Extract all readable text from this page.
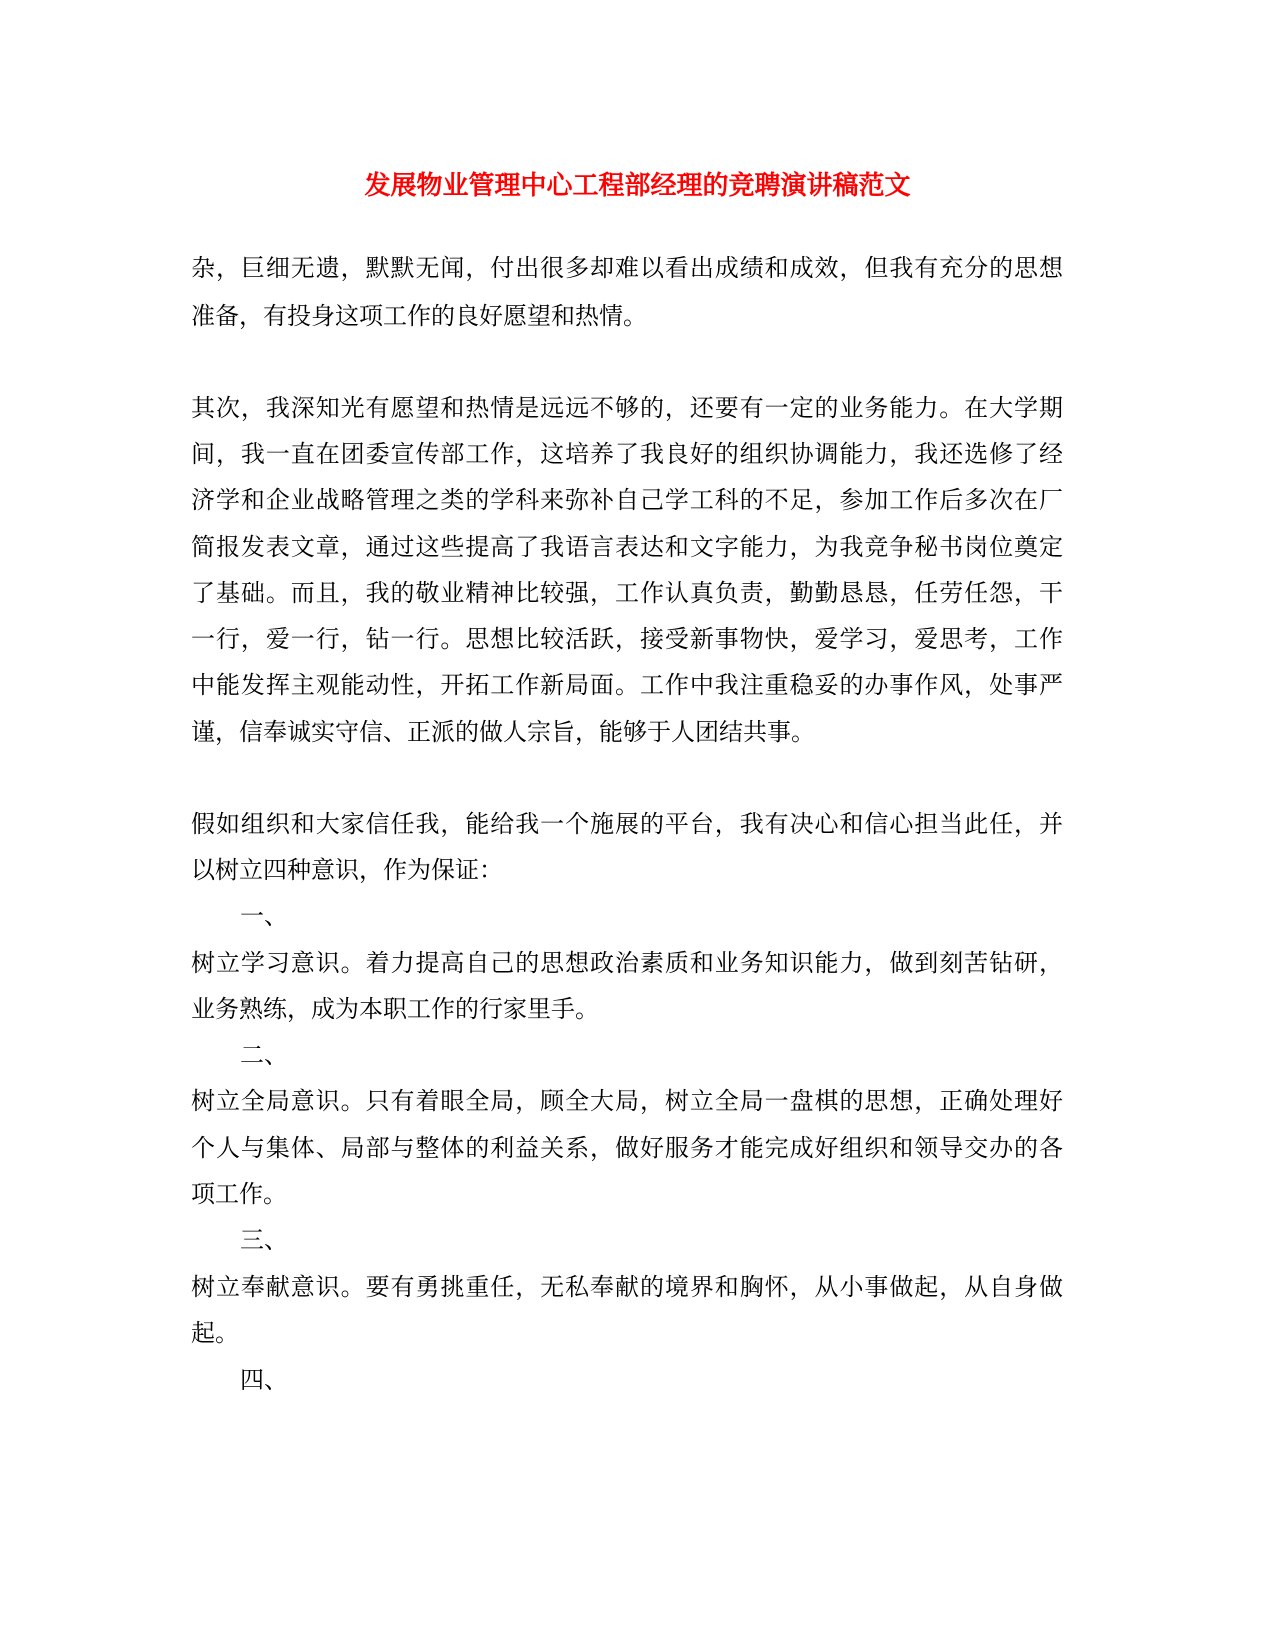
发展物业管理中心工程部经理的竞聘演讲稿范文
杂，巨细无遗，默默无闻，付出很多却难以看出成绩和成效，但我有充分的思想
准备，有投身这项工作的良好愿望和热情。
其次，我深知光有愿望和热情是远远不够的，还要有一定的业务能力。在大学期
间，我一直在团委宣传部工作，这培养了我良好的组织协调能力，我还选修了经
济学和企业战略管理之类的学科来弥补自己学工科的不足，参加工作后多次在厂
简报发表文章，通过这些提高了我语言表达和文字能力，为我竞争秘书岗位奠定
了基础。而且，我的敬业精神比较强，工作认真负责，勤勤恳恳，任劳任怨，干
一行，爱一行，钻一行。思想比较活跃，接受新事物快，爱学习，爱思考，工作
中能发挥主观能动性，开拓工作新局面。工作中我注重稳妥的办事作风，处事严
谨，信奉诚实守信、正派的做人宗旨，能够于人团结共事。
假如组织和大家信任我，能给我一个施展的平台，我有决心和信心担当此任，并
以树立四种意识，作为保证：
一、
树立学习意识。着力提高自己的思想政治素质和业务知识能力，做到刻苦钻研，
业务熟练，成为本职工作的行家里手。
二、
树立全局意识。只有着眼全局，顾全大局，树立全局一盘棋的思想，正确处理好
个人与集体、局部与整体的利益关系，做好服务才能完成好组织和领导交办的各
项工作。
三、
树立奉献意识。要有勇挑重任，无私奉献的境界和胸怀，从小事做起，从自身做
起。
四、
